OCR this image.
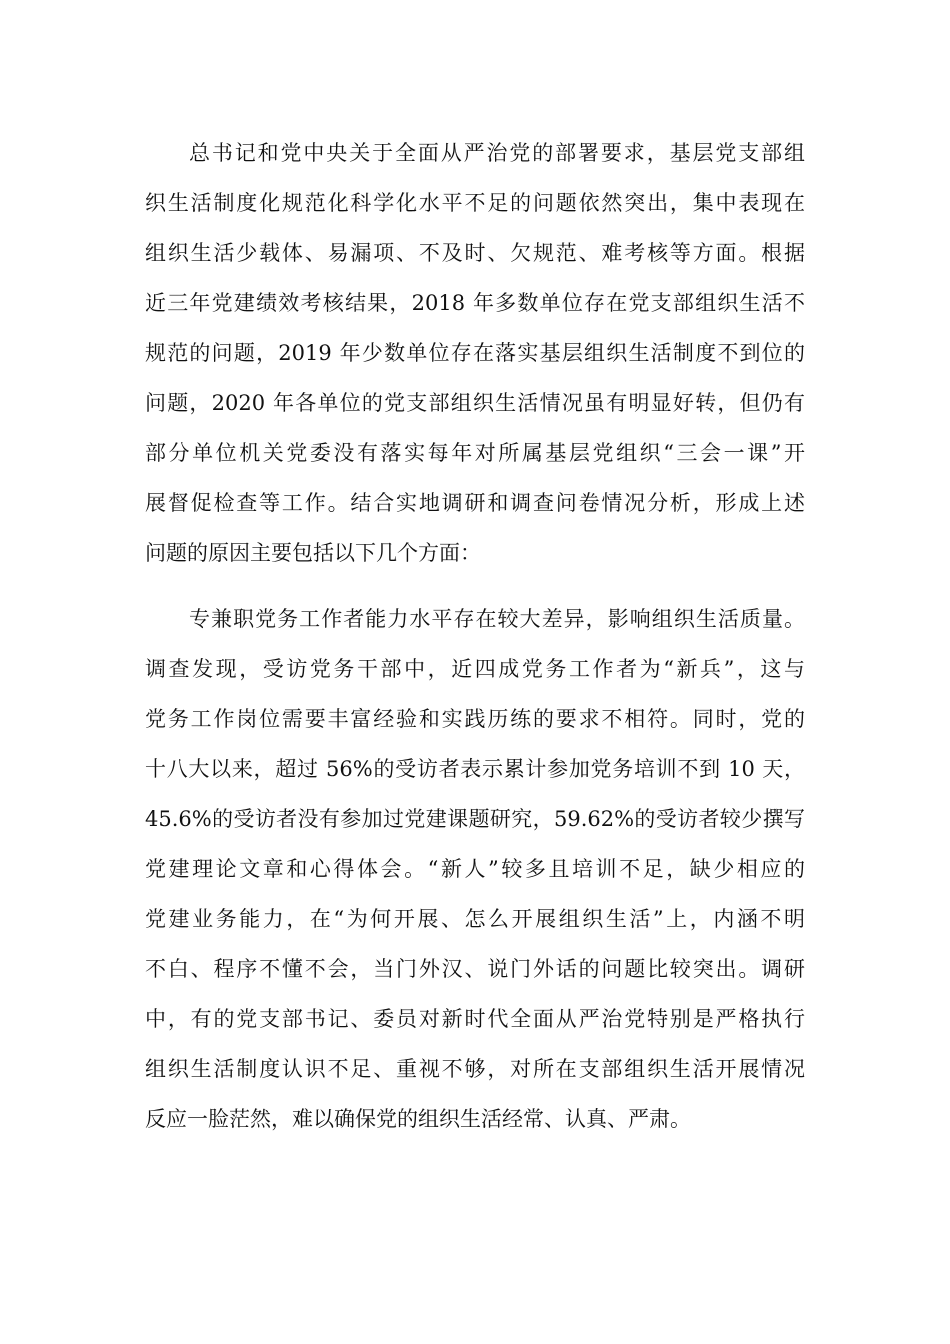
总书记和党中央关于全面从严治党的部署要求，基层党支部组
织生活制度化规范化科学化水平不足的问题依然突出，集中表现在
组织生活少载体、易漏项、不及时、欠规范、难考核等方面。根据
近三年党建绩效考核结果，2018 年多数单位存在党支部组织生活不
规范的问题，2019 年少数单位存在落实基层组织生活制度不到位的
问题，2020 年各单位的党支部组织生活情况虽有明显好转，但仍有
部分单位机关党委没有落实每年对所属基层党组织“三会一课”开
展督促检查等工作。结合实地调研和调查问卷情况分析，形成上述
问题的原因主要包括以下几个方面：
专兼职党务工作者能力水平存在较大差异，影响组织生活质量。
调查发现，受访党务干部中，近四成党务工作者为“新兵”，这与
党务工作岗位需要丰富经验和实践历练的要求不相符。同时，党的
十八大以来，超过 56%的受访者表示累计参加党务培训不到 10 天，
45.6%的受访者没有参加过党建课题研究，59.62%的受访者较少撰写
党建理论文章和心得体会。“新人”较多且培训不足，缺少相应的
党建业务能力，在“为何开展、怎么开展组织生活”上，内涵不明
不白、程序不懂不会，当门外汉、说门外话的问题比较突出。调研
中，有的党支部书记、委员对新时代全面从严治党特别是严格执行
组织生活制度认识不足、重视不够，对所在支部组织生活开展情况
反应一脸茫然，难以确保党的组织生活经常、认真、严肃。
